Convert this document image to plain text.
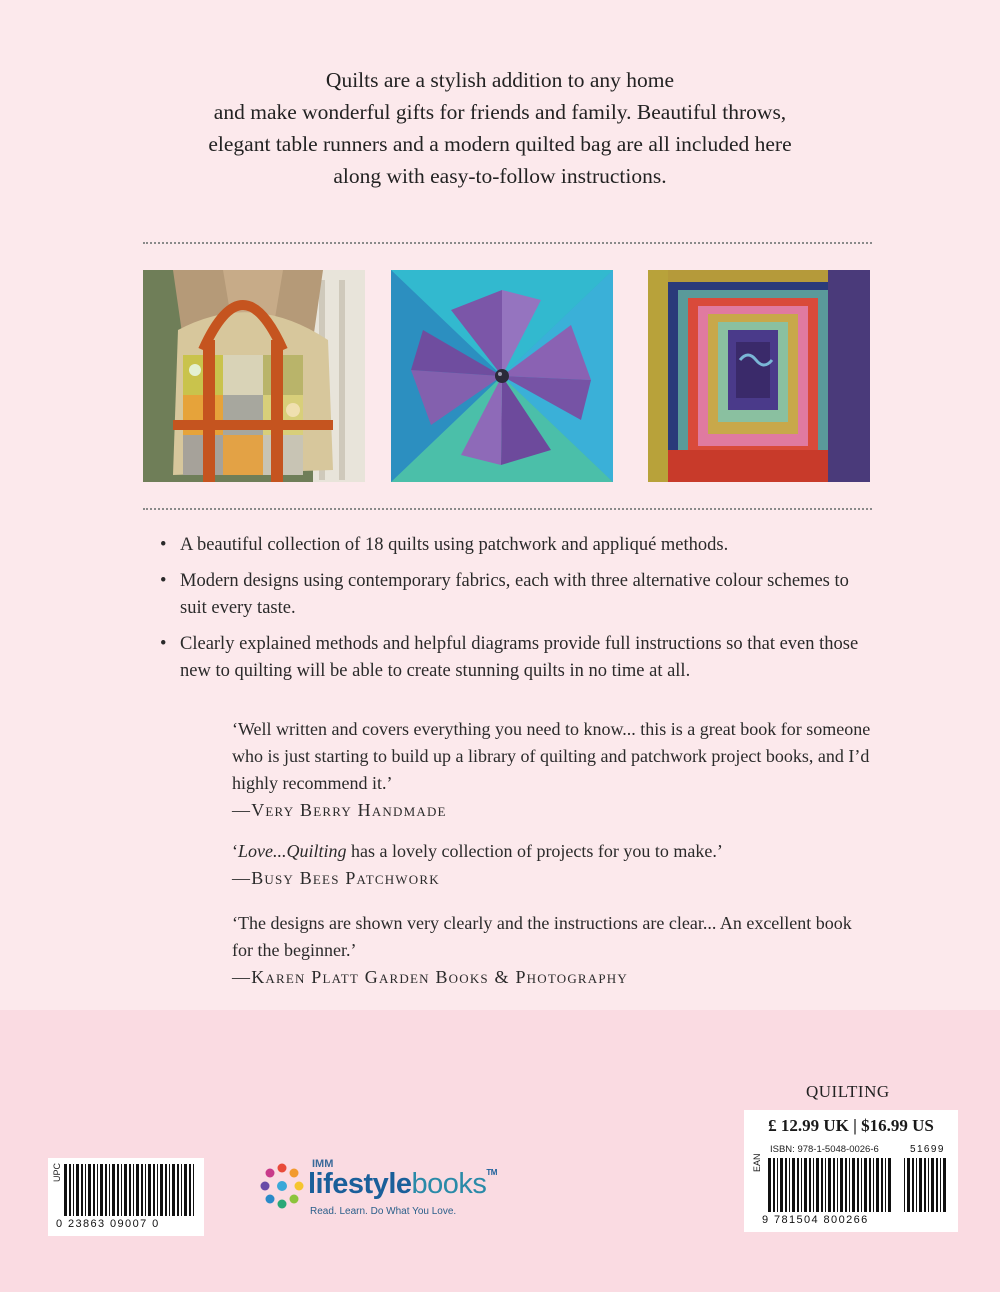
Quilts are a stylish addition to any home
and make wonderful gifts for friends and family. Beautiful throws,
elegant table runners and a modern quilted bag are all included here
along with easy-to-follow instructions.
• A beautiful collection of 18 quilts using patchwork and appliqué methods.
• Modern designs using contemporary fabrics, each with three alternative colour schemes to suit every taste.
• Clearly explained methods and helpful diagrams provide full instructions so that even those new to quilting will be able to create stunning quilts in no time at all.
‘Well written and covers everything you need to know... this is a great book for someone who is just starting to build up a library of quilting and patchwork project books, and I’d highly recommend it.’
—Very Berry Handmade
‘Love...Quilting has a lovely collection of projects for you to make.’
—Busy Bees Patchwork
‘The designs are shown very clearly and the instructions are clear... An excellent book for the beginner.’
—Karen Platt Garden Books & Photography
QUILTING
UPC
0 23863 09007 0
IMM
lifestylebooks™
Read. Learn. Do What You Love.
£ 12.99 UK | $16.99 US
ISBN: 978-1-5048-0026-6
EAN
9 781504 800266
51699
